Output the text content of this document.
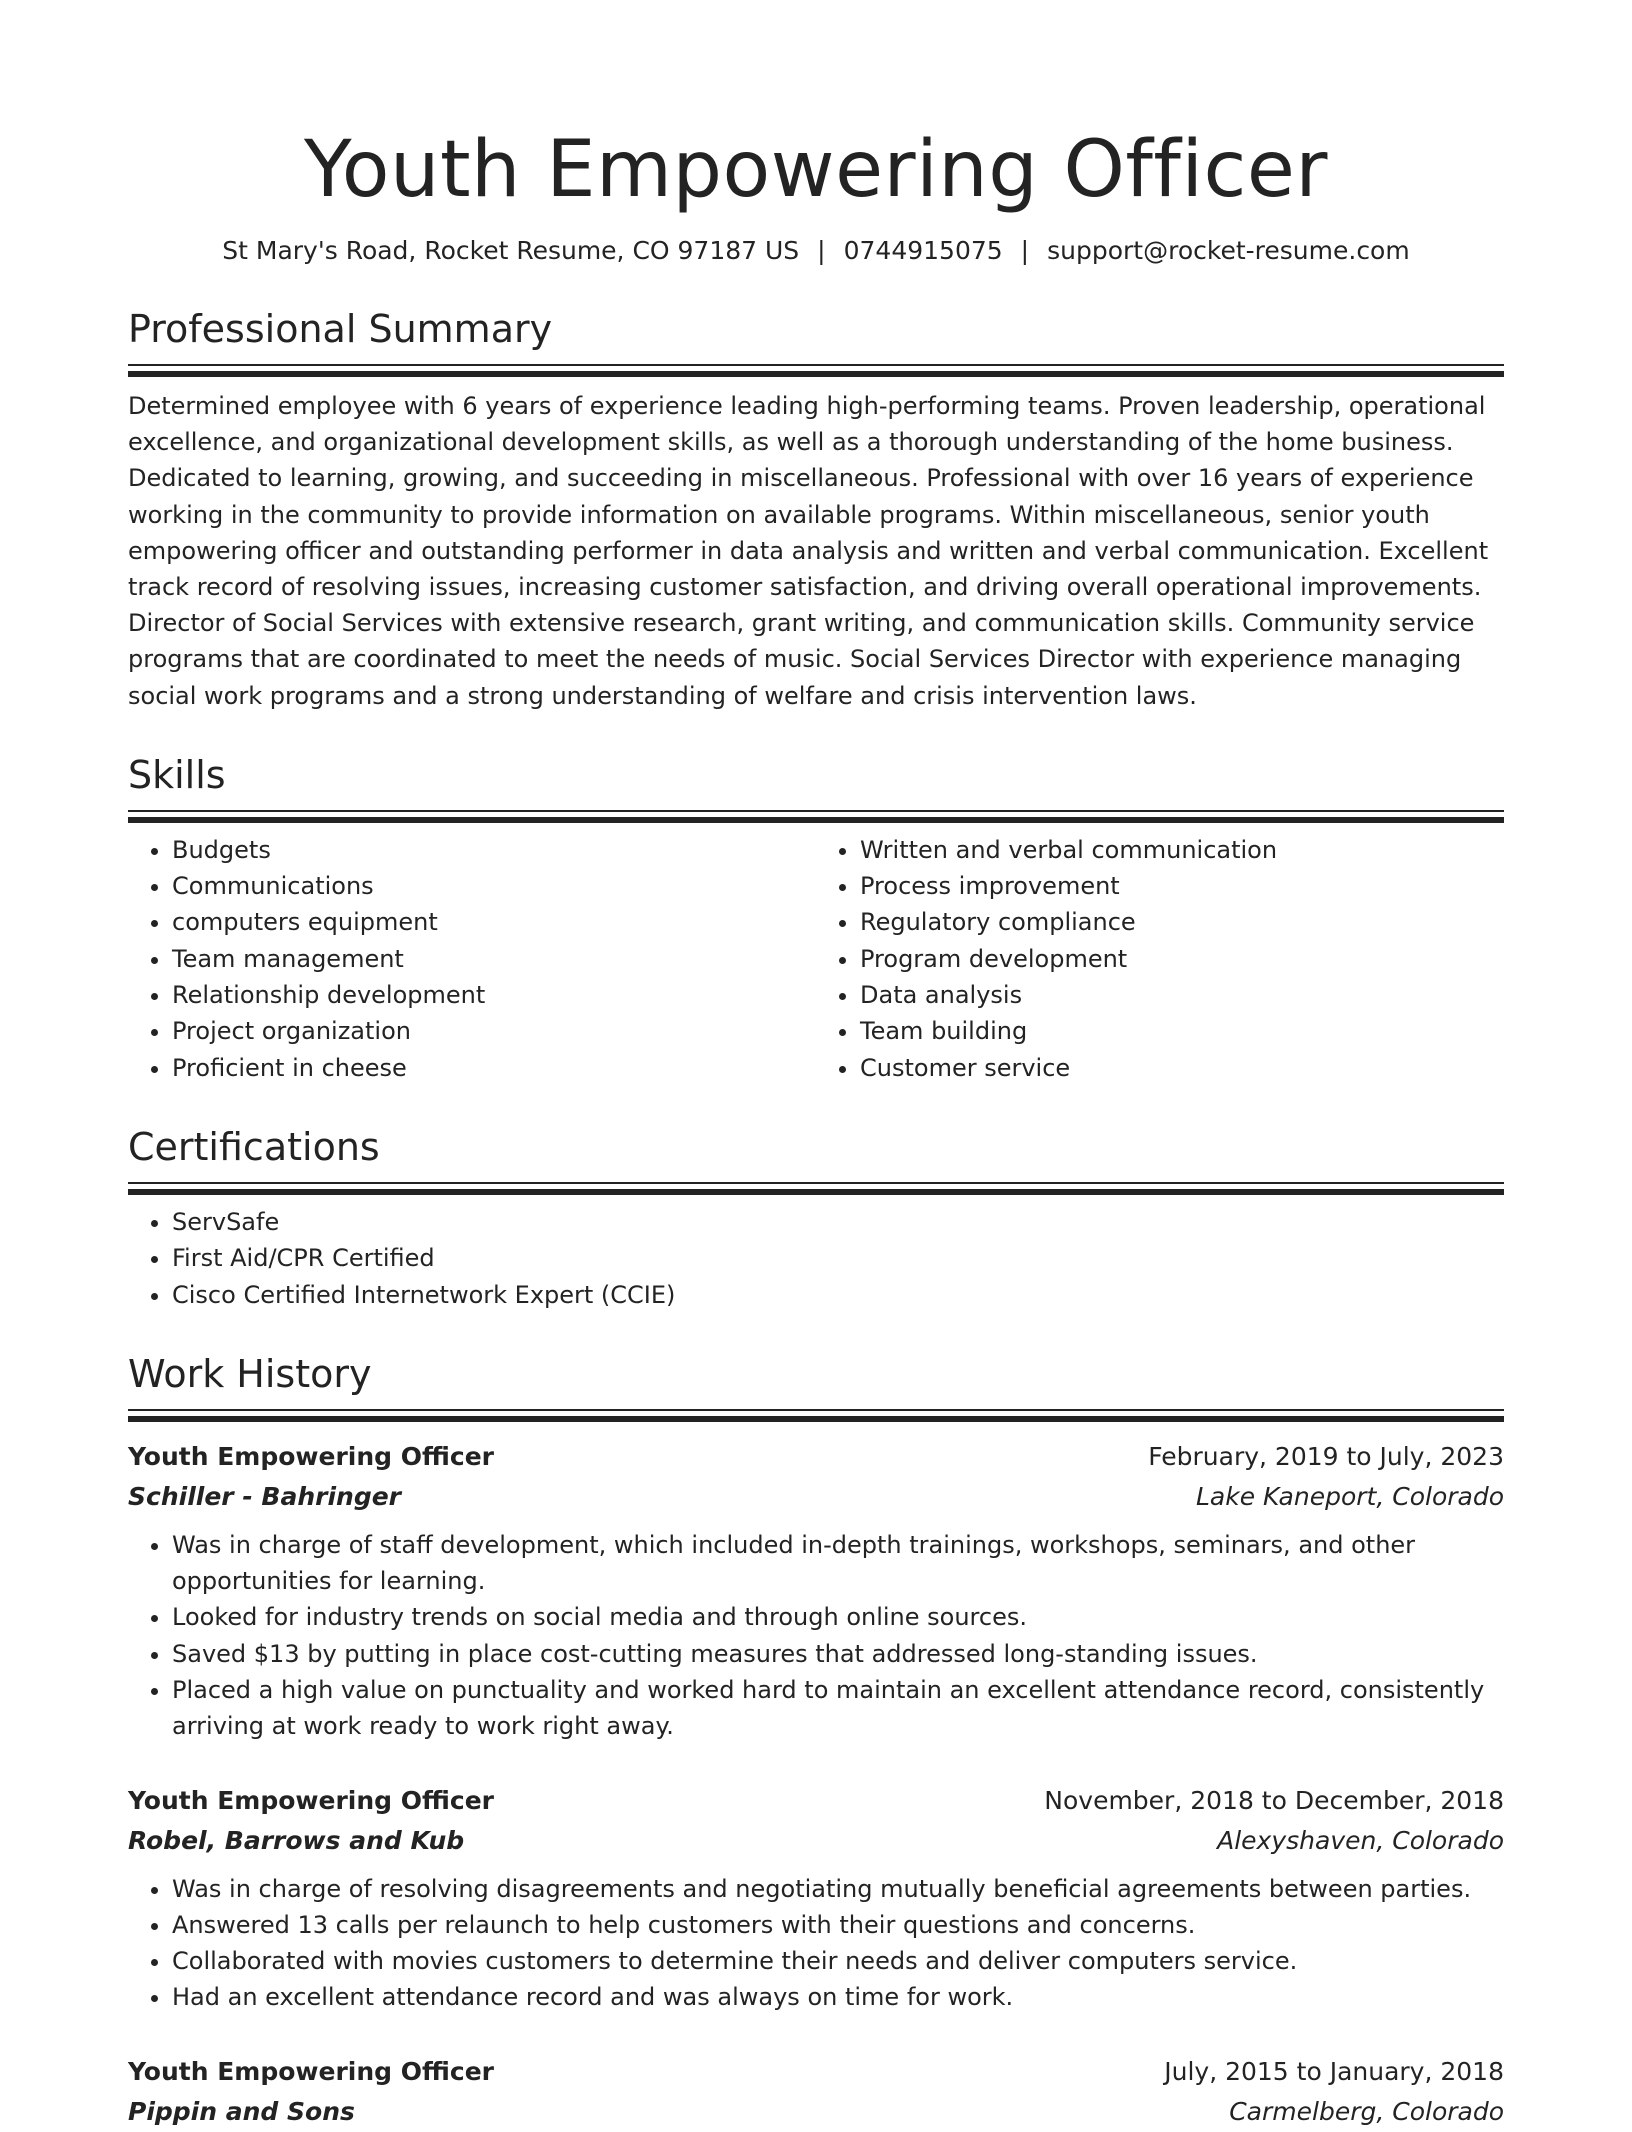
Youth Empowering Officer
St Mary's Road, Rocket Resume, CO 97187 US | 0744915075 | support@rocket-resume.com
Professional Summary

Determined employee with 6 years of experience leading high-performing teams. Proven leadership, operational excellence, and organizational development skills, as well as a thorough understanding of the home business. Dedicated to learning, growing, and succeeding in miscellaneous. Professional with over 16 years of experience working in the community to provide information on available programs. Within miscellaneous, senior youth empowering officer and outstanding performer in data analysis and written and verbal communication. Excellent track record of resolving issues, increasing customer satisfaction, and driving overall operational improvements. Director of Social Services with extensive research, grant writing, and communication skills. Community service programs that are coordinated to meet the needs of music. Social Services Director with experience managing social work programs and a strong understanding of welfare and crisis intervention laws.

Skills
• Budgets
• Communications
• computers equipment
• Team management
• Relationship development
• Project organization
• Proficient in cheese
• Written and verbal communication
• Process improvement
• Regulatory compliance
• Program development
• Data analysis
• Team building
• Customer service
Certifications
• ServSafe
• First Aid/CPR Certified
• Cisco Certified Internetwork Expert (CCIE)
Work History
Youth Empowering Officer	February, 2019 to July, 2023
Schiller - Bahringer	Lake Kaneport, Colorado
• Was in charge of staff development, which included in-depth trainings, workshops, seminars, and other opportunities for learning.
• Looked for industry trends on social media and through online sources.
• Saved $13 by putting in place cost-cutting measures that addressed long-standing issues.
• Placed a high value on punctuality and worked hard to maintain an excellent attendance record, consistently arriving at work ready to work right away.
Youth Empowering Officer	November, 2018 to December, 2018
Robel, Barrows and Kub	Alexyshaven, Colorado
• Was in charge of resolving disagreements and negotiating mutually beneficial agreements between parties.
• Answered 13 calls per relaunch to help customers with their questions and concerns.
• Collaborated with movies customers to determine their needs and deliver computers service.
• Had an excellent attendance record and was always on time for work.
Youth Empowering Officer	July, 2015 to January, 2018
Pippin and Sons	Carmelberg, Colorado
